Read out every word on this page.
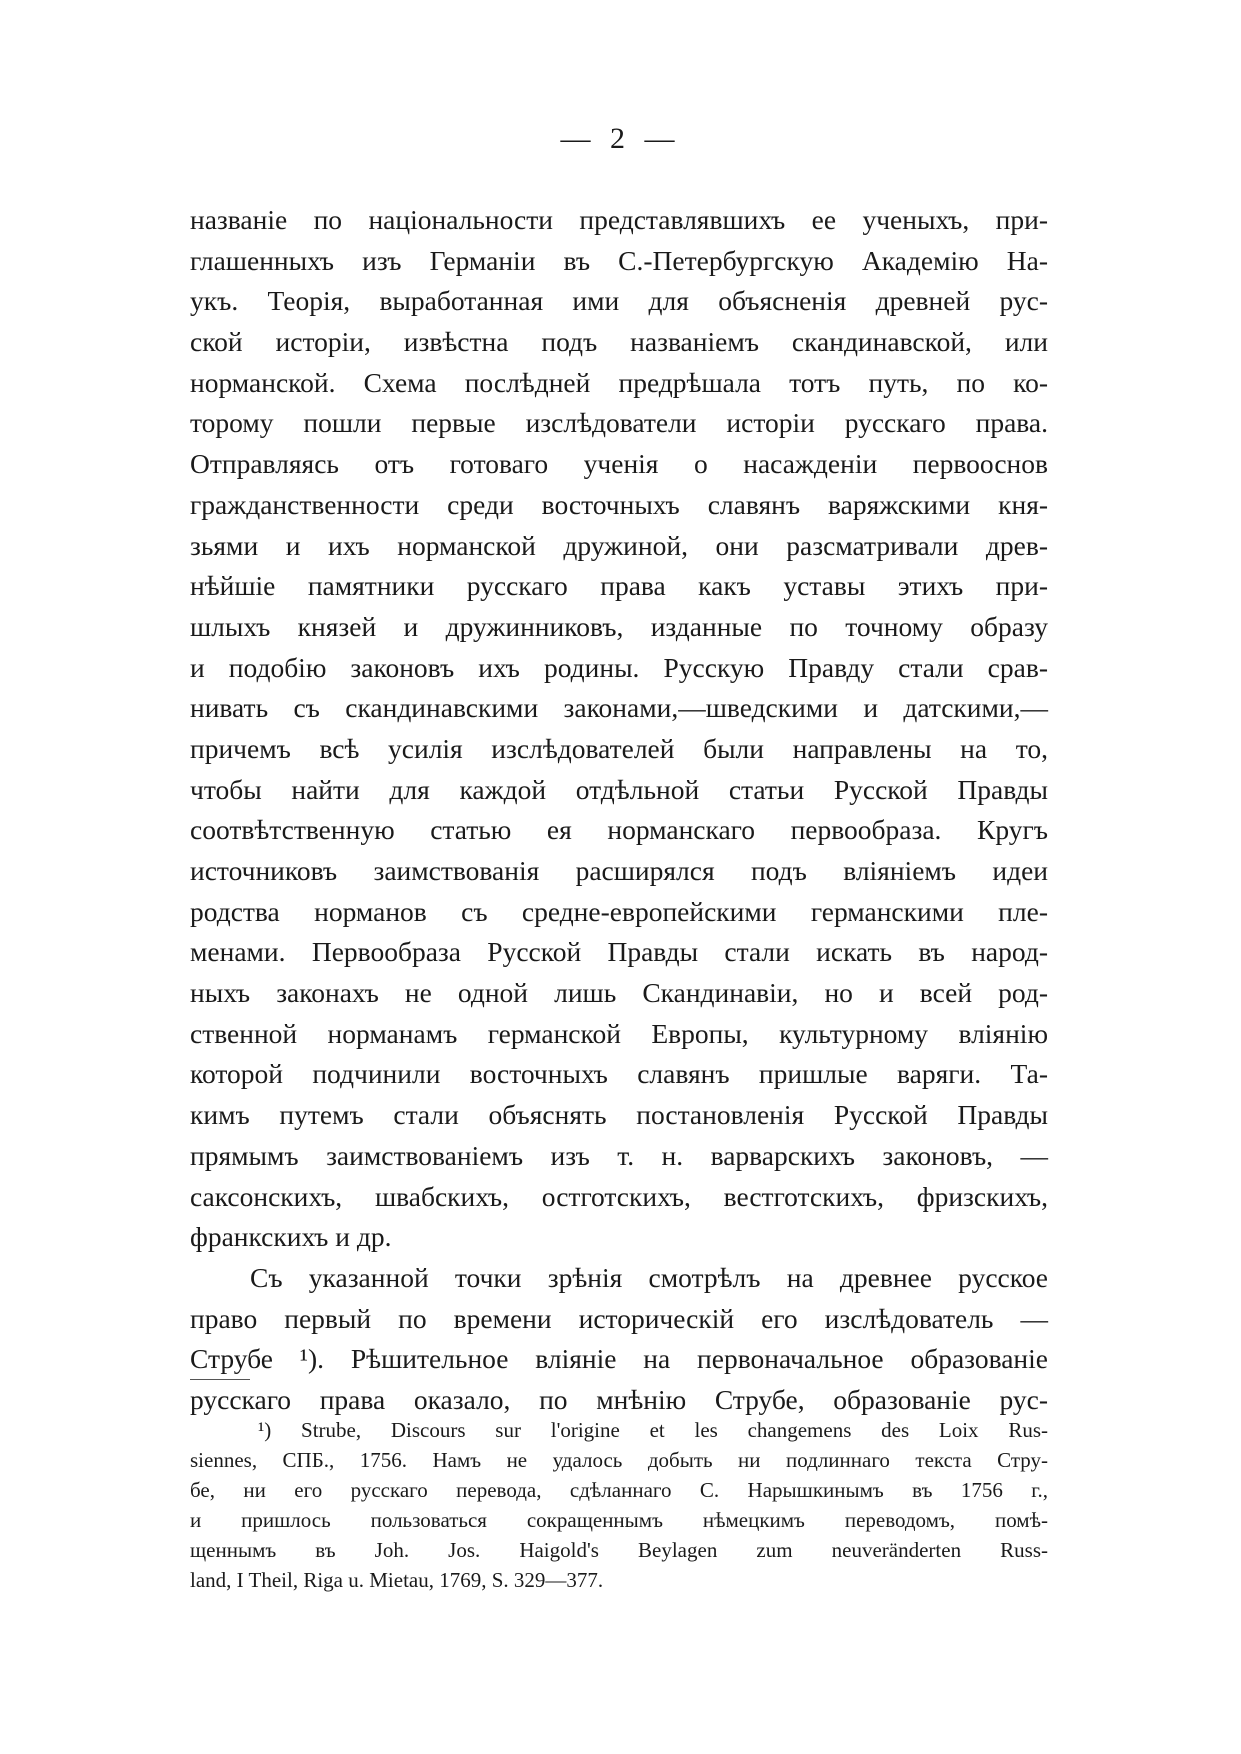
— 2 —
названіе по національности представлявшихъ ее ученыхъ, при-
глашенныхъ изъ Германіи въ С.-Петербургскую Академію На-
укъ. Теорія, выработанная ими для объясненія древней рус-
ской исторіи, извѣстна подъ названіемъ скандинавской, или
норманской. Схема послѣдней предрѣшала тотъ путь, по ко-
торому пошли первые изслѣдователи исторіи русскаго права.
Отправляясь отъ готоваго ученія о насажденіи первооснов
гражданственности среди восточныхъ славянъ варяжскими кня-
зьями и ихъ норманской дружиной, они разсматривали древ-
нѣйшіе памятники русскаго права какъ уставы этихъ при-
шлыхъ князей и дружинниковъ, изданные по точному образу
и подобію законовъ ихъ родины. Русскую Правду стали срав-
нивать съ скандинавскими законами,—шведскими и датскими,—
причемъ всѣ усилія изслѣдователей были направлены на то,
чтобы найти для каждой отдѣльной статьи Русской Правды
соотвѣтственную статью ея норманскаго первообраза. Кругъ
источниковъ заимствованія расширялся подъ вліяніемъ идеи
родства норманов съ средне-европейскими германскими пле-
менами. Первообраза Русской Правды стали искать въ народ-
ныхъ законахъ не одной лишь Скандинавіи, но и всей род-
ственной норманамъ германской Европы, культурному вліянію
которой подчинили восточныхъ славянъ пришлые варяги. Та-
кимъ путемъ стали объяснять постановленія Русской Правды
прямымъ заимствованіемъ изъ т. н. варварскихъ законовъ, —
саксонскихъ, швабскихъ, остготскихъ, вестготскихъ, фризскихъ,
франкскихъ и др.
Съ указанной точки зрѣнія смотрѣлъ на древнее русское
право первый по времени историческій его изслѣдователь —
Струбе ¹). Рѣшительное вліяніе на первоначальное образованіе
русскаго права оказало, по мнѣнію Струбе, образованіе рус-
¹) Strube, Discours sur l'origine et les changemens des Loix Rus-
siennes, СПБ., 1756. Намъ не удалось добыть ни подлиннаго текста Стру-
бе, ни его русскаго перевода, сдѣланнаго С. Нарышкинымъ въ 1756 г.,
и пришлось пользоваться сокращеннымъ нѣмецкимъ переводомъ, помѣ-
щеннымъ въ Joh. Jos. Haigold's Beylagen zum neuveränderten Russ-
land, I Theil, Riga u. Mietau, 1769, S. 329—377.
